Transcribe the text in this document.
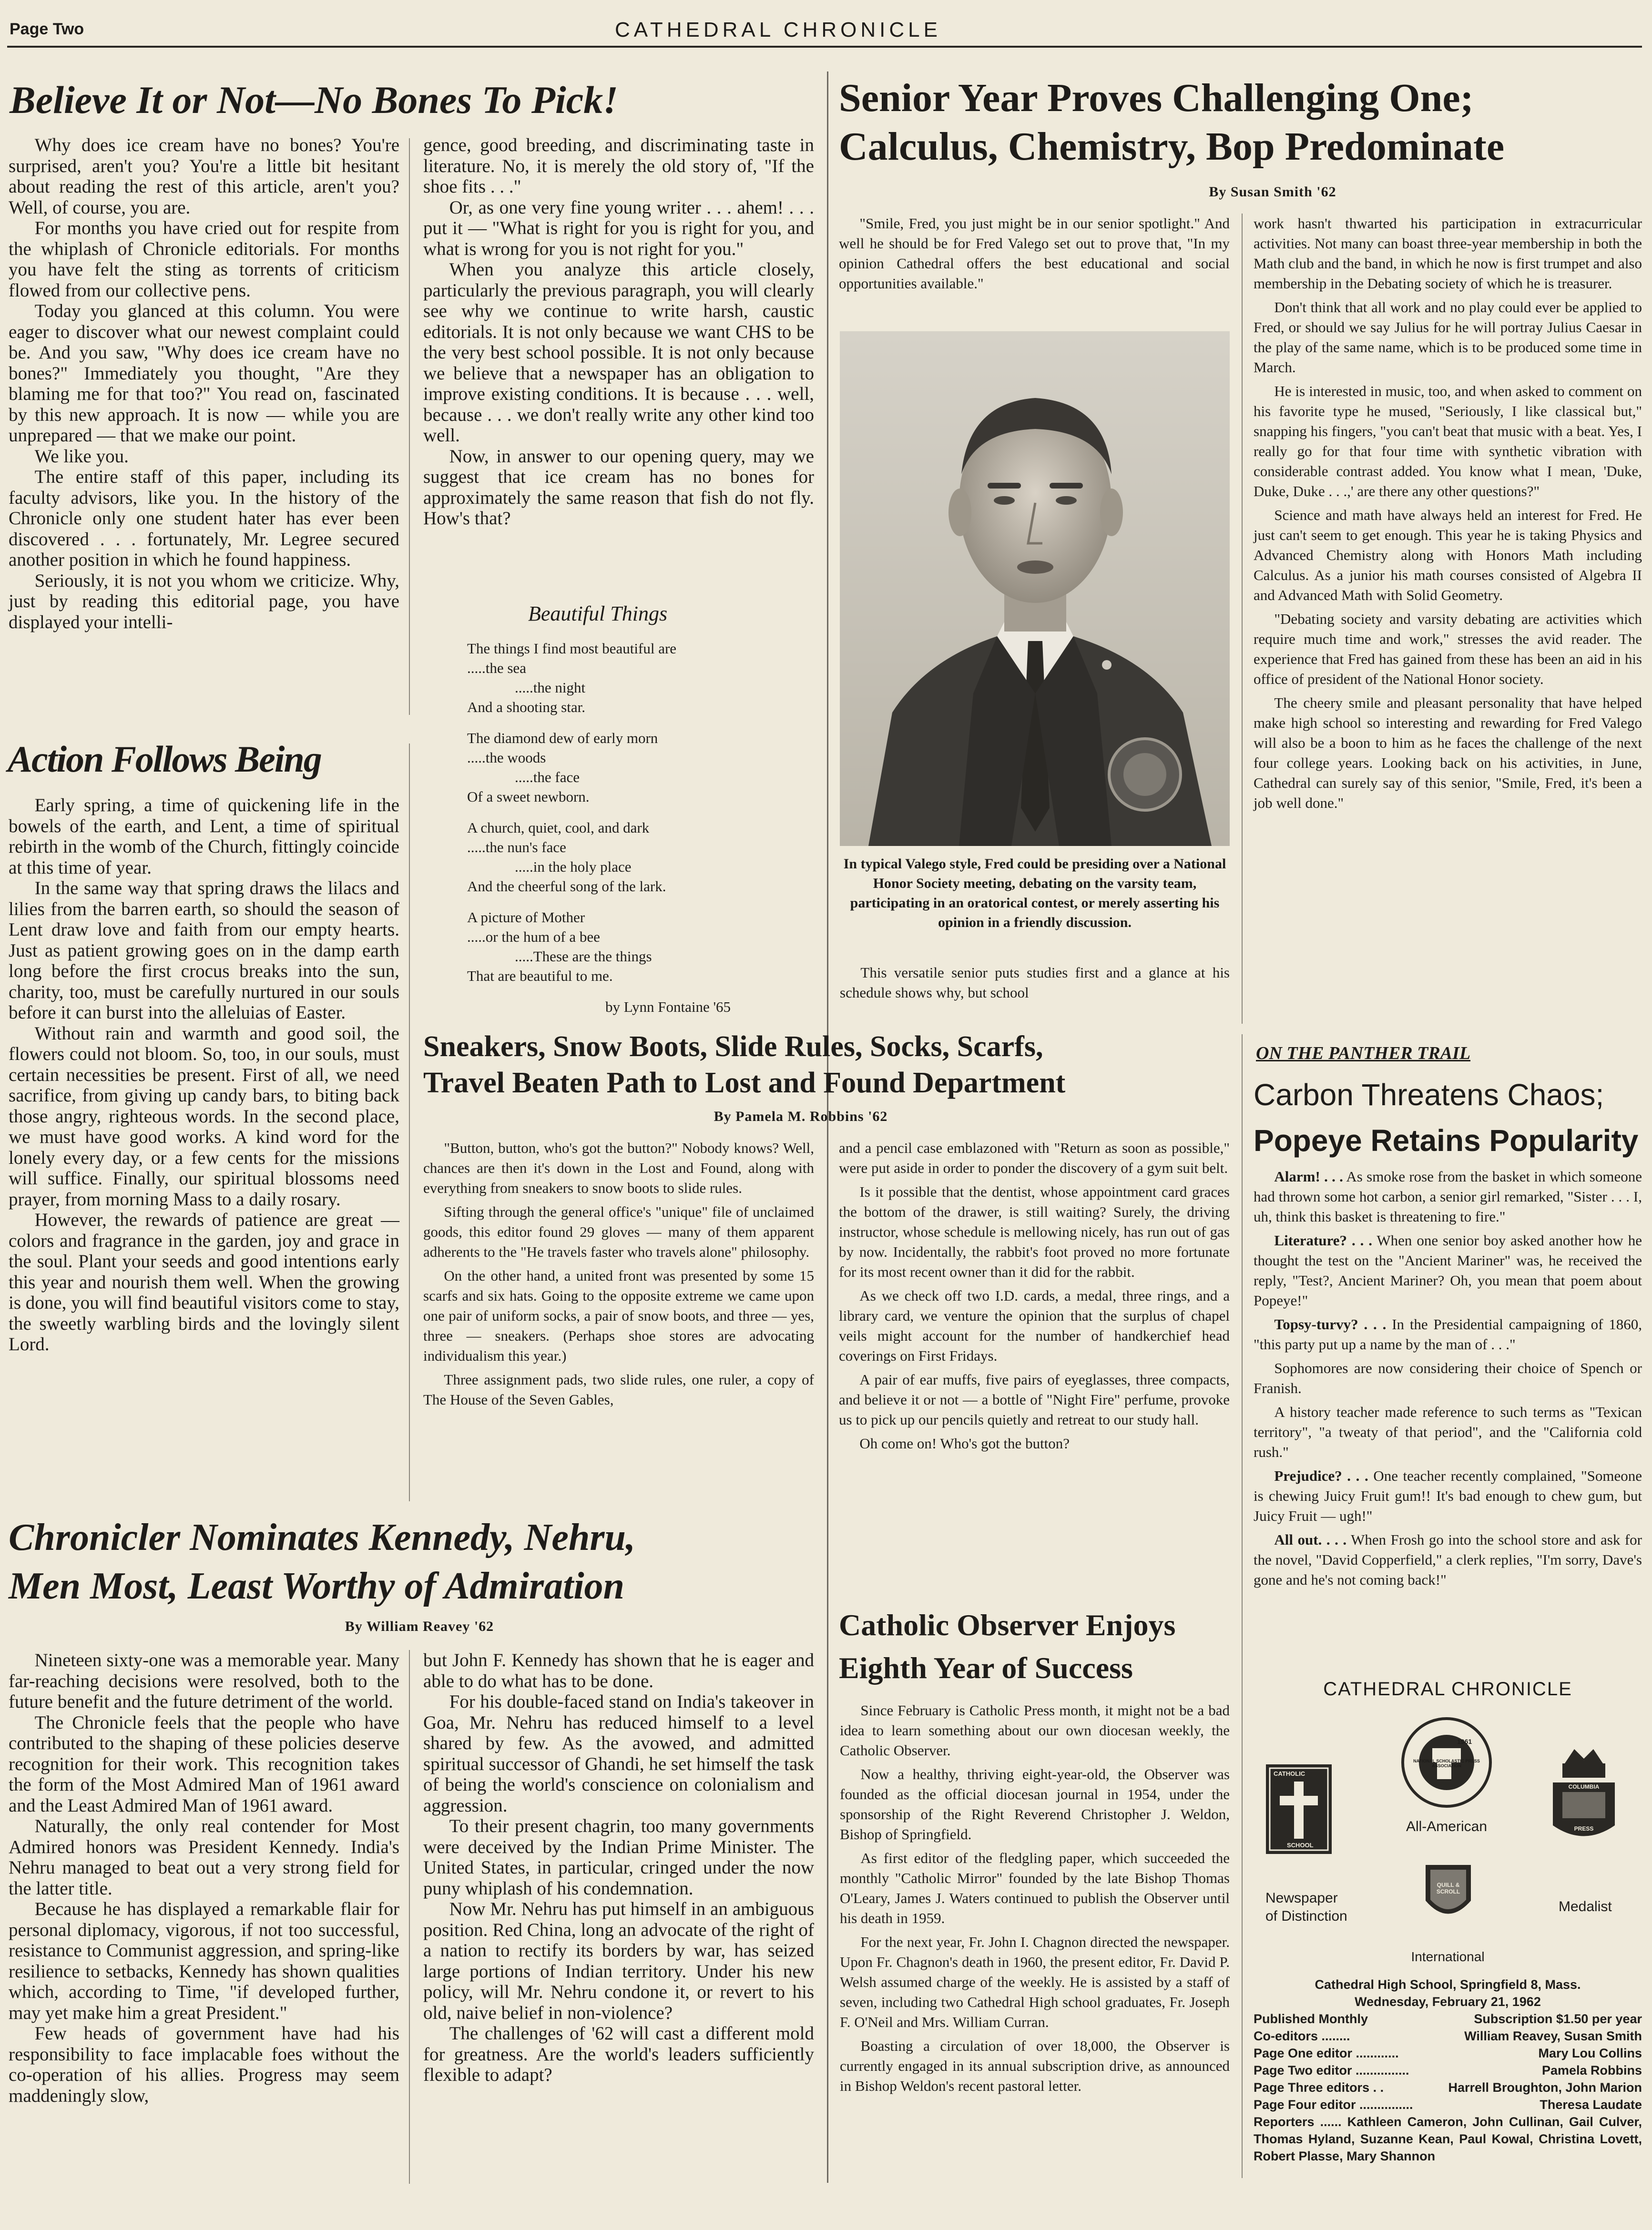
Page Two	CATHEDRAL CHRONICLE
Believe It or Not—No Bones To Pick!

Why does ice cream have no bones? You're surprised, aren't you? You're a little bit hesitant about reading the rest of this article, aren't you? Well, of course, you are.

For months you have cried out for respite from the whiplash of Chronicle editorials. For months you have felt the sting as torrents of criticism flowed from our collective pens.

Today you glanced at this column. You were eager to discover what our newest complaint could be. And you saw, "Why does ice cream have no bones?" Immediately you thought, "Are they blaming me for that too?" You read on, fascinated by this new approach. It is now — while you are unprepared — that we make our point.

We like you.

The entire staff of this paper, including its faculty advisors, like you. In the history of the Chronicle only one student hater has ever been discovered . . . fortunately, Mr. Legree secured another position in which he found happiness.

Seriously, it is not you whom we criticize. Why, just by reading this editorial page, you have displayed your intelli-

gence, good breeding, and discriminating taste in literature. No, it is merely the old story of, "If the shoe fits . . ."

Or, as one very fine young writer . . . ahem! . . . put it — "What is right for you is right for you, and what is wrong for you is not right for you."

When you analyze this article closely, particularly the previous paragraph, you will clearly see why we continue to write harsh, caustic editorials. It is not only because we want CHS to be the very best school possible. It is not only because we believe that a newspaper has an obligation to improve existing conditions. It is because . . . well, because . . . we don't really write any other kind too well.

Now, in answer to our opening query, may we suggest that ice cream has no bones for approximately the same reason that fish do not fly. How's that?

Beautiful Things
The things I find most beautiful are
.....the sea
.....the night
And a shooting star.
The diamond dew of early morn
.....the woods
.....the face
Of a sweet newborn.
A church, quiet, cool, and dark
.....the nun's face
.....in the holy place
And the cheerful song of the lark.
A picture of Mother
.....or the hum of a bee
.....These are the things
That are beautiful to me.
by Lynn Fontaine '65
Action Follows Being

Early spring, a time of quickening life in the bowels of the earth, and Lent, a time of spiritual rebirth in the womb of the Church, fittingly coincide at this time of year.

In the same way that spring draws the lilacs and lilies from the barren earth, so should the season of Lent draw love and faith from our empty hearts. Just as patient growing goes on in the damp earth long before the first crocus breaks into the sun, charity, too, must be carefully nurtured in our souls before it can burst into the alleluias of Easter.

Without rain and warmth and good soil, the flowers could not bloom. So, too, in our souls, must certain necessities be present. First of all, we need sacrifice, from giving up candy bars, to biting back those angry, righteous words. In the second place, we must have good works. A kind word for the lonely every day, or a few cents for the missions will suffice. Finally, our spiritual blossoms need prayer, from morning Mass to a daily rosary.

However, the rewards of patience are great — colors and fragrance in the garden, joy and grace in the soul. Plant your seeds and good intentions early this year and nourish them well. When the growing is done, you will find beautiful visitors come to stay, the sweetly warbling birds and the lovingly silent Lord.

Senior Year Proves Challenging One;
Calculus, Chemistry, Bop Predominate
By Susan Smith '62

"Smile, Fred, you just might be in our senior spotlight." And well he should be for Fred Valego set out to prove that, "In my opinion Cathedral offers the best educational and social opportunities available."

In typical Valego style, Fred could be presiding over a National Honor Society meeting, debating on the varsity team, participating in an oratorical contest, or merely asserting his opinion in a friendly discussion.

This versatile senior puts studies first and a glance at his schedule shows why, but school

work hasn't thwarted his participation in extracurricular activities. Not many can boast three-year membership in both the Math club and the band, in which he now is first trumpet and also membership in the Debating society of which he is treasurer.

Don't think that all work and no play could ever be applied to Fred, or should we say Julius for he will portray Julius Caesar in the play of the same name, which is to be produced some time in March.

He is interested in music, too, and when asked to comment on his favorite type he mused, "Seriously, I like classical but," snapping his fingers, "you can't beat that music with a beat. Yes, I really go for that four time with synthetic vibration with considerable contrast added. You know what I mean, 'Duke, Duke, Duke . . .,' are there any other questions?"

Science and math have always held an interest for Fred. He just can't seem to get enough. This year he is taking Physics and Advanced Chemistry along with Honors Math including Calculus. As a junior his math courses consisted of Algebra II and Advanced Math with Solid Geometry.

"Debating society and varsity debating are activities which require much time and work," stresses the avid reader. The experience that Fred has gained from these has been an aid in his office of president of the National Honor society.

The cheery smile and pleasant personality that have helped make high school so interesting and rewarding for Fred Valego will also be a boon to him as he faces the challenge of the next four college years. Looking back on his activities, in June, Cathedral can surely say of this senior, "Smile, Fred, it's been a job well done."

Sneakers, Snow Boots, Slide Rules, Socks, Scarfs,
Travel Beaten Path to Lost and Found Department
By Pamela M. Robbins '62

"Button, button, who's got the button?" Nobody knows? Well, chances are then it's down in the Lost and Found, along with everything from sneakers to snow boots to slide rules.

Sifting through the general office's "unique" file of unclaimed goods, this editor found 29 gloves — many of them apparent adherents to the "He travels faster who travels alone" philosophy.

On the other hand, a united front was presented by some 15 scarfs and six hats. Going to the opposite extreme we came upon one pair of uniform socks, a pair of snow boots, and three — yes, three — sneakers. (Perhaps shoe stores are advocating individualism this year.)

Three assignment pads, two slide rules, one ruler, a copy of The House of the Seven Gables,

and a pencil case emblazoned with "Return as soon as possible," were put aside in order to ponder the discovery of a gym suit belt.

Is it possible that the dentist, whose appointment card graces the bottom of the drawer, is still waiting? Surely, the driving instructor, whose schedule is mellowing nicely, has run out of gas by now. Incidentally, the rabbit's foot proved no more fortunate for its most recent owner than it did for the rabbit.

As we check off two I.D. cards, a medal, three rings, and a library card, we venture the opinion that the surplus of chapel veils might account for the number of handkerchief head coverings on First Fridays.

A pair of ear muffs, five pairs of eyeglasses, three compacts, and believe it or not — a bottle of "Night Fire" perfume, provoke us to pick up our pencils quietly and retreat to our study hall.

Oh come on! Who's got the button?

ON THE PANTHER TRAIL
Carbon Threatens Chaos;
Popeye Retains Popularity

Alarm! . . . As smoke rose from the basket in which someone had thrown some hot carbon, a senior girl remarked, "Sister . . . I, uh, think this basket is threatening to fire."

Literature? . . . When one senior boy asked another how he thought the test on the "Ancient Mariner" was, he received the reply, "Test?, Ancient Mariner? Oh, you mean that poem about Popeye!"

Topsy-turvy? . . . In the Presidential campaigning of 1860, "this party put up a name by the man of . . ."

Sophomores are now considering their choice of Spench or Franish.

A history teacher made reference to such terms as "Texican territory", "a tweaty of that period", and the "California cold rush."

Prejudice? . . . One teacher recently complained, "Someone is chewing Juicy Fruit gum!! It's bad enough to chew gum, but Juicy Fruit — ugh!"

All out. . . . When Frosh go into the school store and ask for the novel, "David Copperfield," a clerk replies, "I'm sorry, Dave's gone and he's not coming back!"

Chronicler Nominates Kennedy, Nehru,
Men Most, Least Worthy of Admiration
By William Reavey '62

Nineteen sixty-one was a memorable year. Many far-reaching decisions were resolved, both to the future benefit and the future detriment of the world.

The Chronicle feels that the people who have contributed to the shaping of these policies deserve recognition for their work. This recognition takes the form of the Most Admired Man of 1961 award and the Least Admired Man of 1961 award.

Naturally, the only real contender for Most Admired honors was President Kennedy. India's Nehru managed to beat out a very strong field for the latter title.

Because he has displayed a remarkable flair for personal diplomacy, vigorous, if not too successful, resistance to Communist aggression, and spring-like resilience to setbacks, Kennedy has shown qualities which, according to Time, "if developed further, may yet make him a great President."

Few heads of government have had his responsibility to face implacable foes without the co-operation of his allies. Progress may seem maddeningly slow,

but John F. Kennedy has shown that he is eager and able to do what has to be done.

For his double-faced stand on India's takeover in Goa, Mr. Nehru has reduced himself to a level shared by few. As the avowed, and admitted spiritual successor of Ghandi, he set himself the task of being the world's conscience on colonialism and aggression.

To their present chagrin, too many governments were deceived by the Indian Prime Minister. The United States, in particular, cringed under the now puny whiplash of his condemnation.

Now Mr. Nehru has put himself in an ambiguous position. Red China, long an advocate of the right of a nation to rectify its borders by war, has seized large portions of Indian territory. Under his new policy, will Mr. Nehru condone it, or revert to his old, naive belief in non-violence?

The challenges of '62 will cast a different mold for greatness. Are the world's leaders sufficiently flexible to adapt?

Catholic Observer Enjoys
Eighth Year of Success

Since February is Catholic Press month, it might not be a bad idea to learn something about our own diocesan weekly, the Catholic Observer.

Now a healthy, thriving eight-year-old, the Observer was founded as the official diocesan journal in 1954, under the sponsorship of the Right Reverend Christopher J. Weldon, Bishop of Springfield.

As first editor of the fledgling paper, which succeeded the monthly "Catholic Mirror" founded by the late Bishop Thomas O'Leary, James J. Waters continued to publish the Observer until his death in 1959.

For the next year, Fr. John I. Chagnon directed the newspaper. Upon Fr. Chagnon's death in 1960, the present editor, Fr. David P. Welsh assumed charge of the weekly. He is assisted by a staff of seven, including two Cathedral High school graduates, Fr. Joseph F. O'Neil and Mrs. William Curran.

Boasting a circulation of over 18,000, the Observer is currently engaged in its annual subscription drive, as announced in Bishop Weldon's recent pastoral letter.

CATHEDRAL CHRONICLE
CATHOLIC
SCHOOL
NATIONAL SCHOLASTIC PRESS ASSOCIATION
1961
All-American
COLUMBIA
PRESS
QUILL & SCROLL
Newspaper
of Distinction
Medalist
International
Cathedral High School, Springfield 8, Mass.
Wednesday, February 21, 1962
Published Monthly	Subscription $1.50 per year
Co-editors ........	William Reavey, Susan Smith
Page One editor ............	Mary Lou Collins
Page Two editor ...............	Pamela Robbins
Page Three editors . .	Harrell Broughton, John Marion
Page Four editor ...............	Theresa Laudate
Reporters ...... Kathleen Cameron, John Cullinan, Gail Culver, Thomas Hyland, Suzanne Kean, Paul Kowal, Christina Lovett, Robert Plasse, Mary Shannon
